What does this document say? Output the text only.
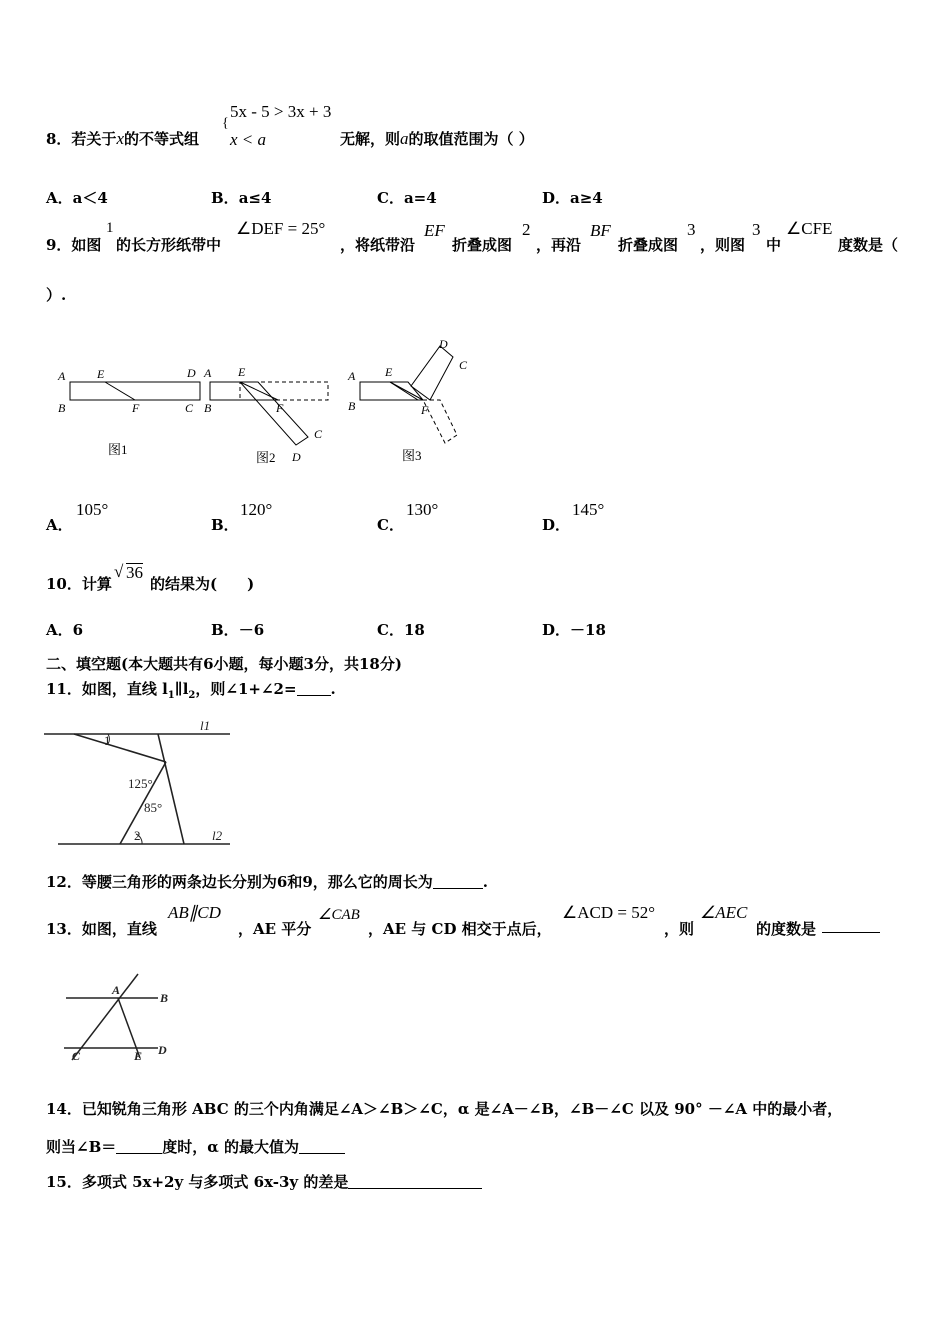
5x - 5 > 3x + 3
{
x < a
8．若关于x的不等式组	无解，则a的取值范围为（ ）
A．a＜4	B．a≤4	C．a=4	D．a≥4
9．如图
1
的长方形纸带中
∠DEF = 25°
，将纸带沿
EF
折叠成图
2
，再沿
BF
折叠成图
3
，则图
3
中
∠CFE
度数是（
）.
A
B
E
F
D
C
A
B
E
F
C
D
A
B
E
F
D
C
图1
图2	图3
A．
105°
B．
120°
C．
130°
D．
145°
10．计算
√ 36
的结果为(　　)
A．6	B．－6	C．18	D．－18
二、填空题(本大题共有6小题，每小题3分，共18分)
11．如图，直线 $l_1\parallel l_2$，则∠1+∠2= .
1
2
125°
85°
l1
l2
12．等腰三角形的两条边长分别为6和9，那么它的周长为	.
13．如图，直线
AB∥CD
，AE 平分
∠CAB
，AE 与 CD 相交于点后，
∠ACD = 52°
，则
∠AEC
的度数是
A
B
C	E D
14．已知锐角三角形 ABC 的三个内角满足∠A＞∠B＞∠C，α 是∠A－∠B，∠B－∠C 以及 90° －∠A 中的最小者，
则当∠B＝	度时，α 的最大值为
15．多项式 5x+2y 与多项式 6x-3y 的差是
